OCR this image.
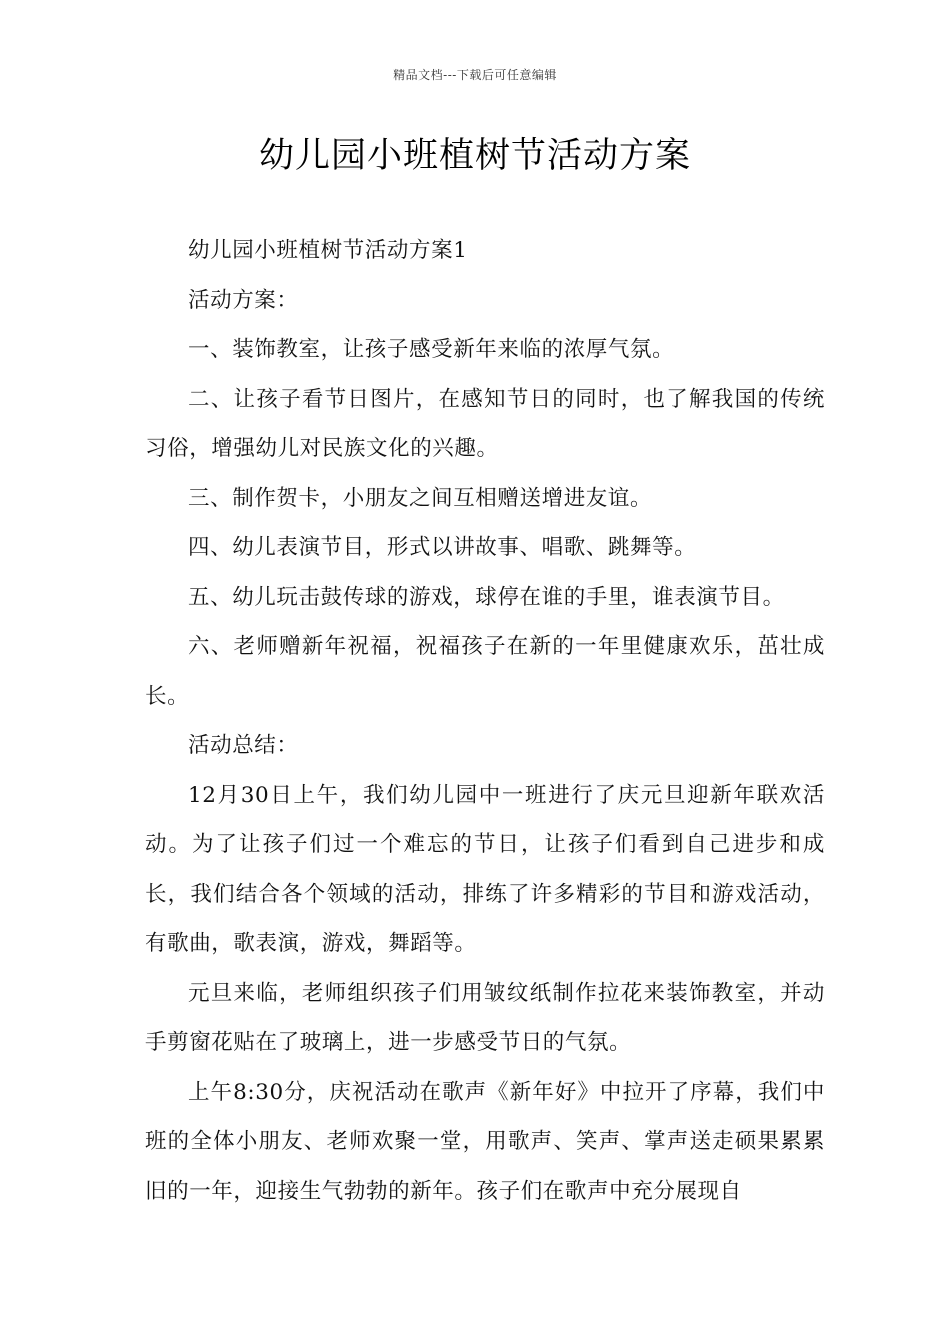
精品文档---下载后可任意编辑
幼儿园小班植树节活动方案

幼儿园小班植树节活动方案1

活动方案：

一、装饰教室，让孩子感受新年来临的浓厚气氛。

二、让孩子看节日图片，在感知节日的同时，也了解我国的传统习俗，增强幼儿对民族文化的兴趣。

三、制作贺卡，小朋友之间互相赠送增进友谊。

四、幼儿表演节目，形式以讲故事、唱歌、跳舞等。

五、幼儿玩击鼓传球的游戏，球停在谁的手里，谁表演节目。

六、老师赠新年祝福，祝福孩子在新的一年里健康欢乐，茁壮成长。

活动总结：

12月30日上午，我们幼儿园中一班进行了庆元旦迎新年联欢活动。为了让孩子们过一个难忘的节日，让孩子们看到自己进步和成长，我们结合各个领域的活动，排练了许多精彩的节目和游戏活动，有歌曲，歌表演，游戏，舞蹈等。

元旦来临，老师组织孩子们用皱纹纸制作拉花来装饰教室，并动手剪窗花贴在了玻璃上，进一步感受节日的气氛。

上午8:30分，庆祝活动在歌声《新年好》中拉开了序幕，我们中班的全体小朋友、老师欢聚一堂，用歌声、笑声、掌声送走硕果累累旧的一年，迎接生气勃勃的新年。孩子们在歌声中充分展现自
